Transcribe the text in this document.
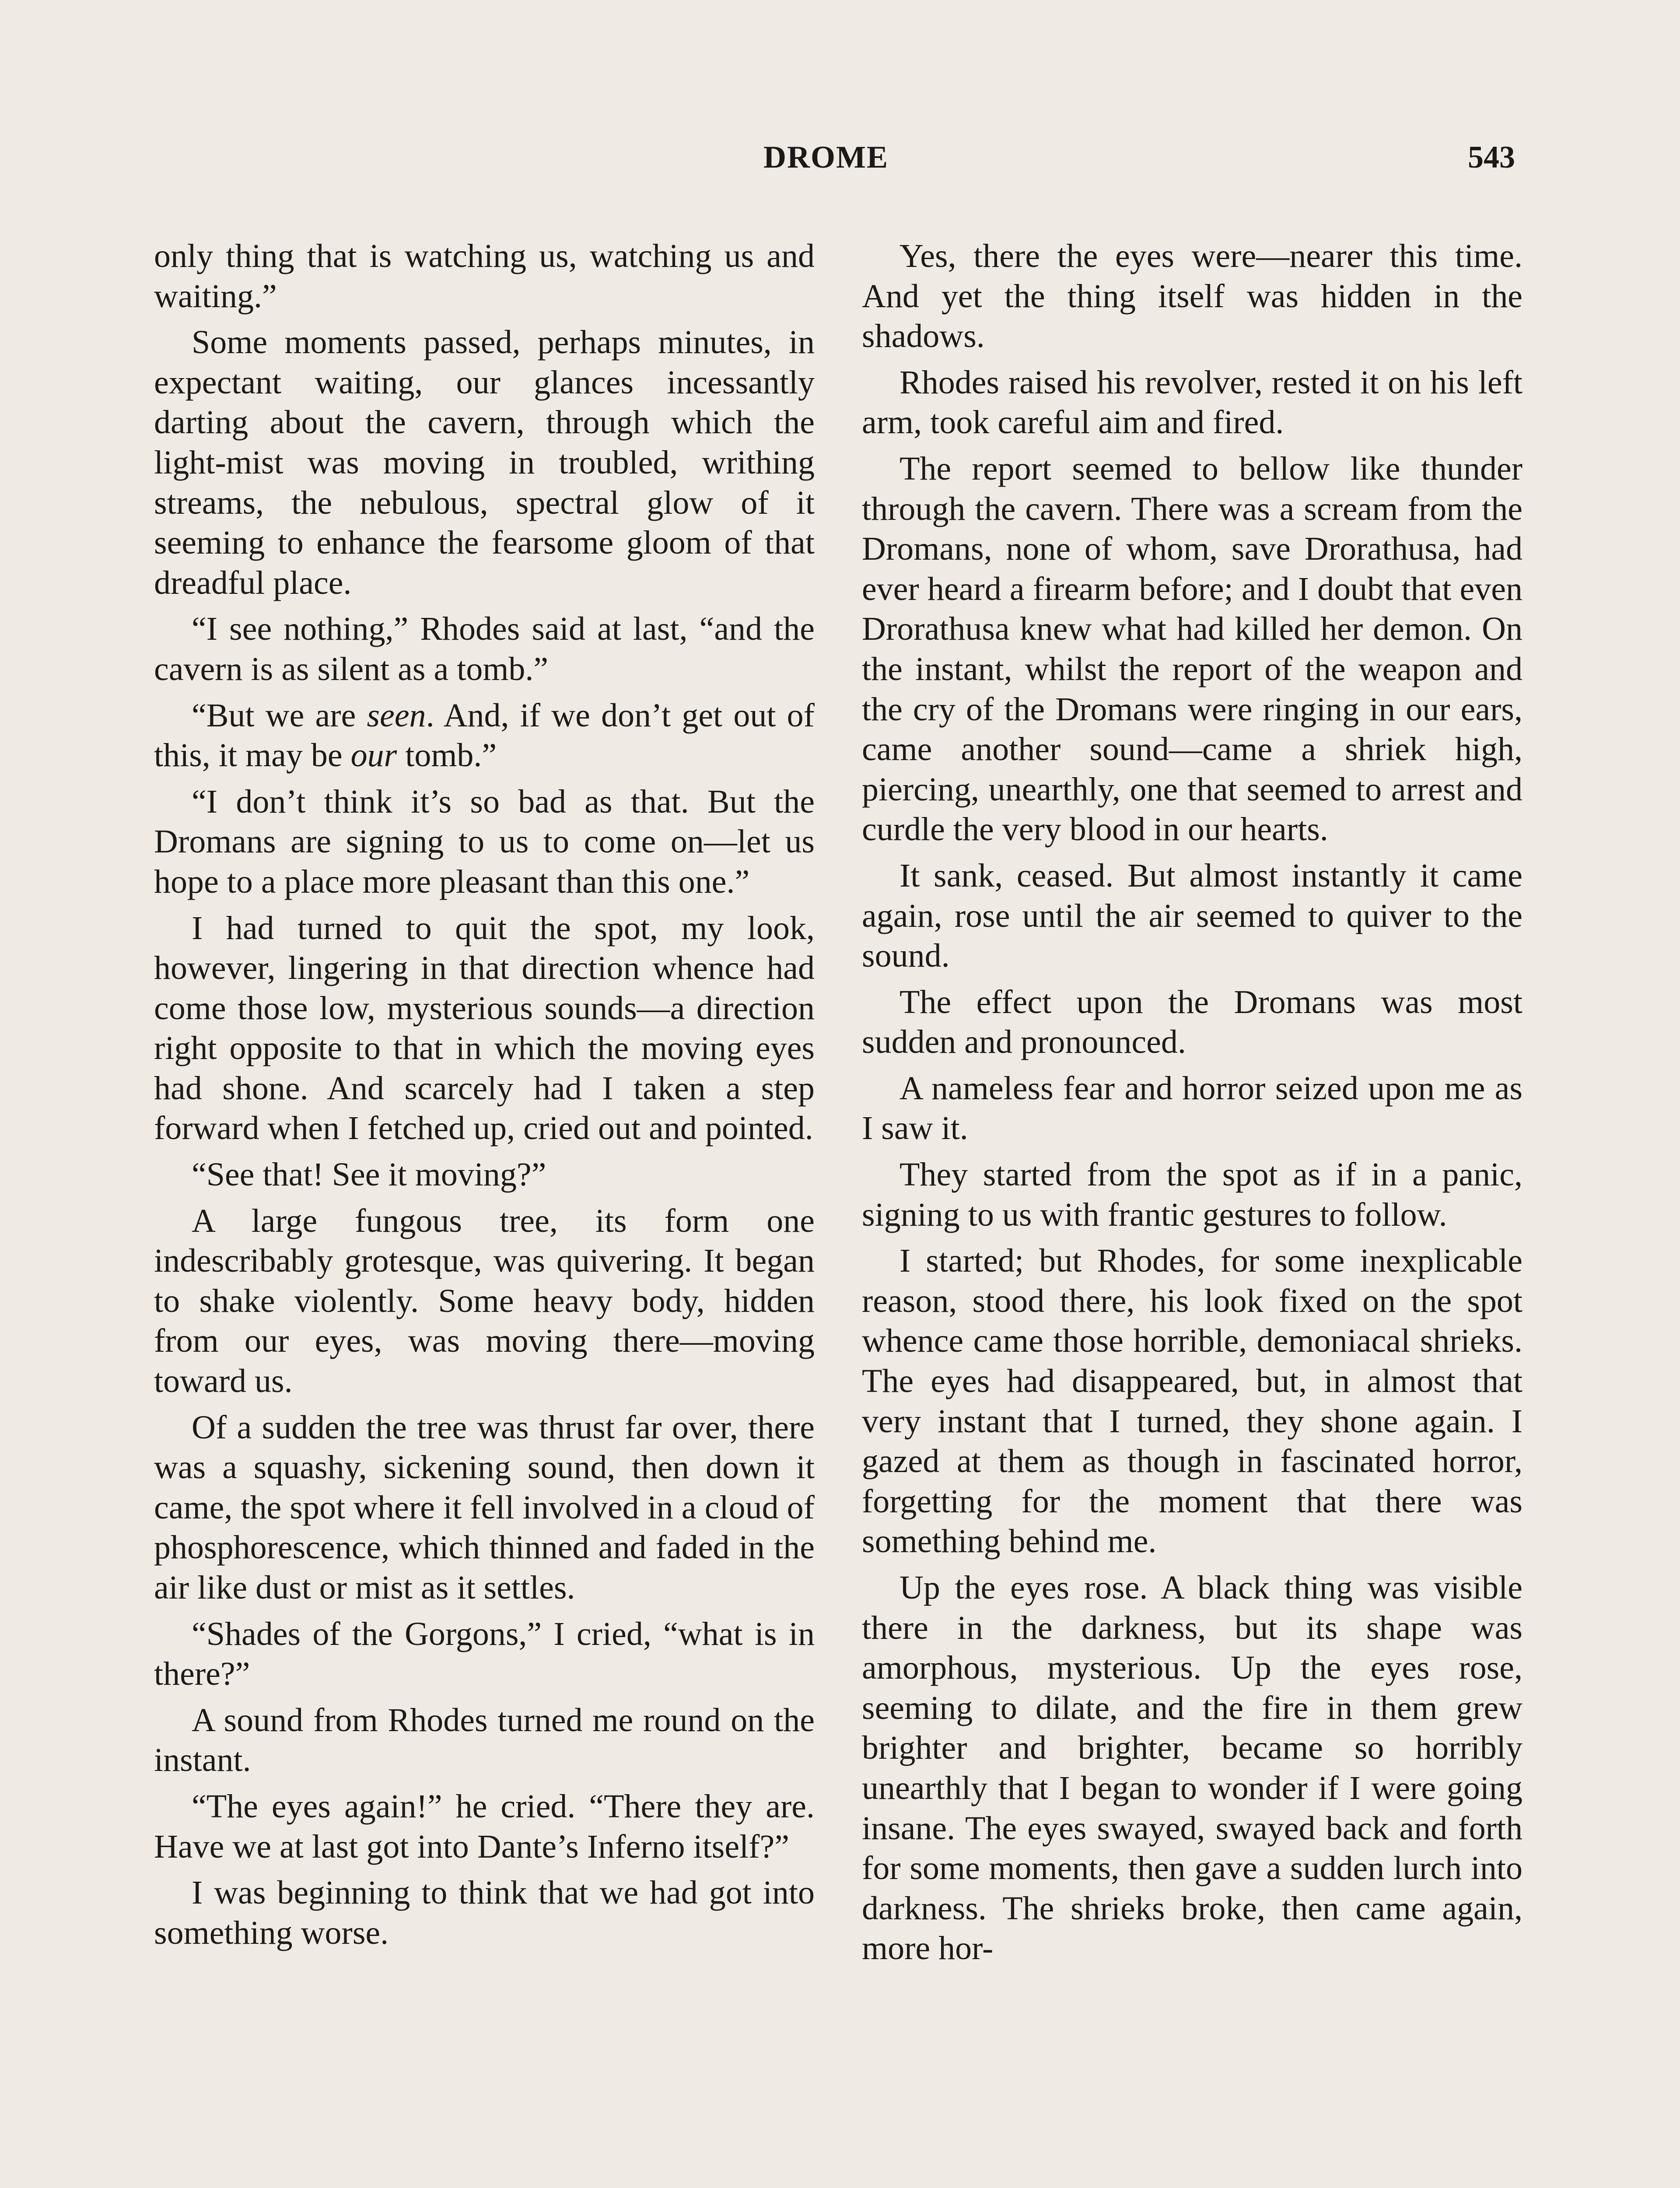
DROME	543

only thing that is watching us, watching us and waiting.”

Some moments passed, perhaps minutes, in expectant waiting, our glances incessantly darting about the cavern, through which the light-mist was moving in troubled, writhing streams, the nebulous, spectral glow of it seeming to enhance the fearsome gloom of that dreadful place.

“I see nothing,” Rhodes said at last, “and the cavern is as silent as a tomb.”

“But we are seen. And, if we don’t get out of this, it may be our tomb.”

“I don’t think it’s so bad as that. But the Dromans are signing to us to come on—let us hope to a place more pleasant than this one.”

I had turned to quit the spot, my look, however, lingering in that direction whence had come those low, mysterious sounds—a direction right opposite to that in which the moving eyes had shone. And scarcely had I taken a step forward when I fetched up, cried out and pointed.

“See that! See it moving?”

A large fungous tree, its form one indescribably grotesque, was quivering. It began to shake violently. Some heavy body, hidden from our eyes, was moving there—moving toward us.

Of a sudden the tree was thrust far over, there was a squashy, sickening sound, then down it came, the spot where it fell involved in a cloud of phosphorescence, which thinned and faded in the air like dust or mist as it settles.

“Shades of the Gorgons,” I cried, “what is in there?”

A sound from Rhodes turned me round on the instant.

“The eyes again!” he cried. “There they are. Have we at last got into Dante’s Inferno itself?”

I was beginning to think that we had got into something worse.

Yes, there the eyes were—nearer this time. And yet the thing itself was hidden in the shadows.

Rhodes raised his revolver, rested it on his left arm, took careful aim and fired.

The report seemed to bellow like thunder through the cavern. There was a scream from the Dromans, none of whom, save Drorathusa, had ever heard a firearm before; and I doubt that even Drorathusa knew what had killed her demon. On the instant, whilst the report of the weapon and the cry of the Dromans were ringing in our ears, came another sound—came a shriek high, piercing, unearthly, one that seemed to arrest and curdle the very blood in our hearts.

It sank, ceased. But almost instantly it came again, rose until the air seemed to quiver to the sound.

The effect upon the Dromans was most sudden and pronounced.

A nameless fear and horror seized upon me as I saw it.

They started from the spot as if in a panic, signing to us with frantic gestures to follow.

I started; but Rhodes, for some inexplicable reason, stood there, his look fixed on the spot whence came those horrible, demoniacal shrieks. The eyes had disappeared, but, in almost that very instant that I turned, they shone again. I gazed at them as though in fascinated horror, forgetting for the moment that there was something behind me.

Up the eyes rose. A black thing was visible there in the darkness, but its shape was amorphous, mysterious. Up the eyes rose, seeming to dilate, and the fire in them grew brighter and brighter, became so horribly unearthly that I began to wonder if I were going insane. The eyes swayed, swayed back and forth for some moments, then gave a sudden lurch into darkness. The shrieks broke, then came again, more hor-
